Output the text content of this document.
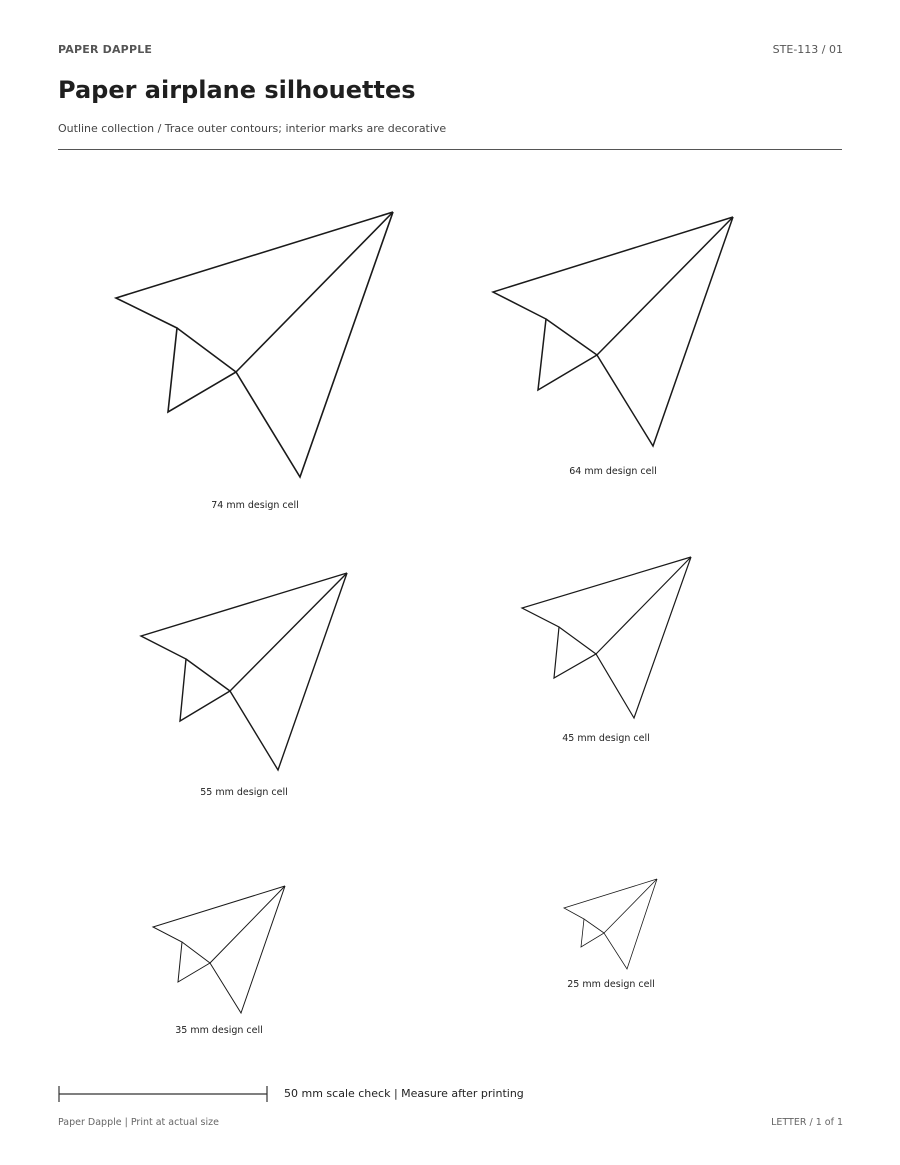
PAPER DAPPLE	STE-113 / 01
Paper airplane silhouettes
Outline collection / Trace outer contours; interior marks are decorative
74 mm design cell
64 mm design cell
55 mm design cell
45 mm design cell
35 mm design cell
25 mm design cell
50 mm scale check | Measure after printing
Paper Dapple | Print at actual size	LETTER / 1 of 1
